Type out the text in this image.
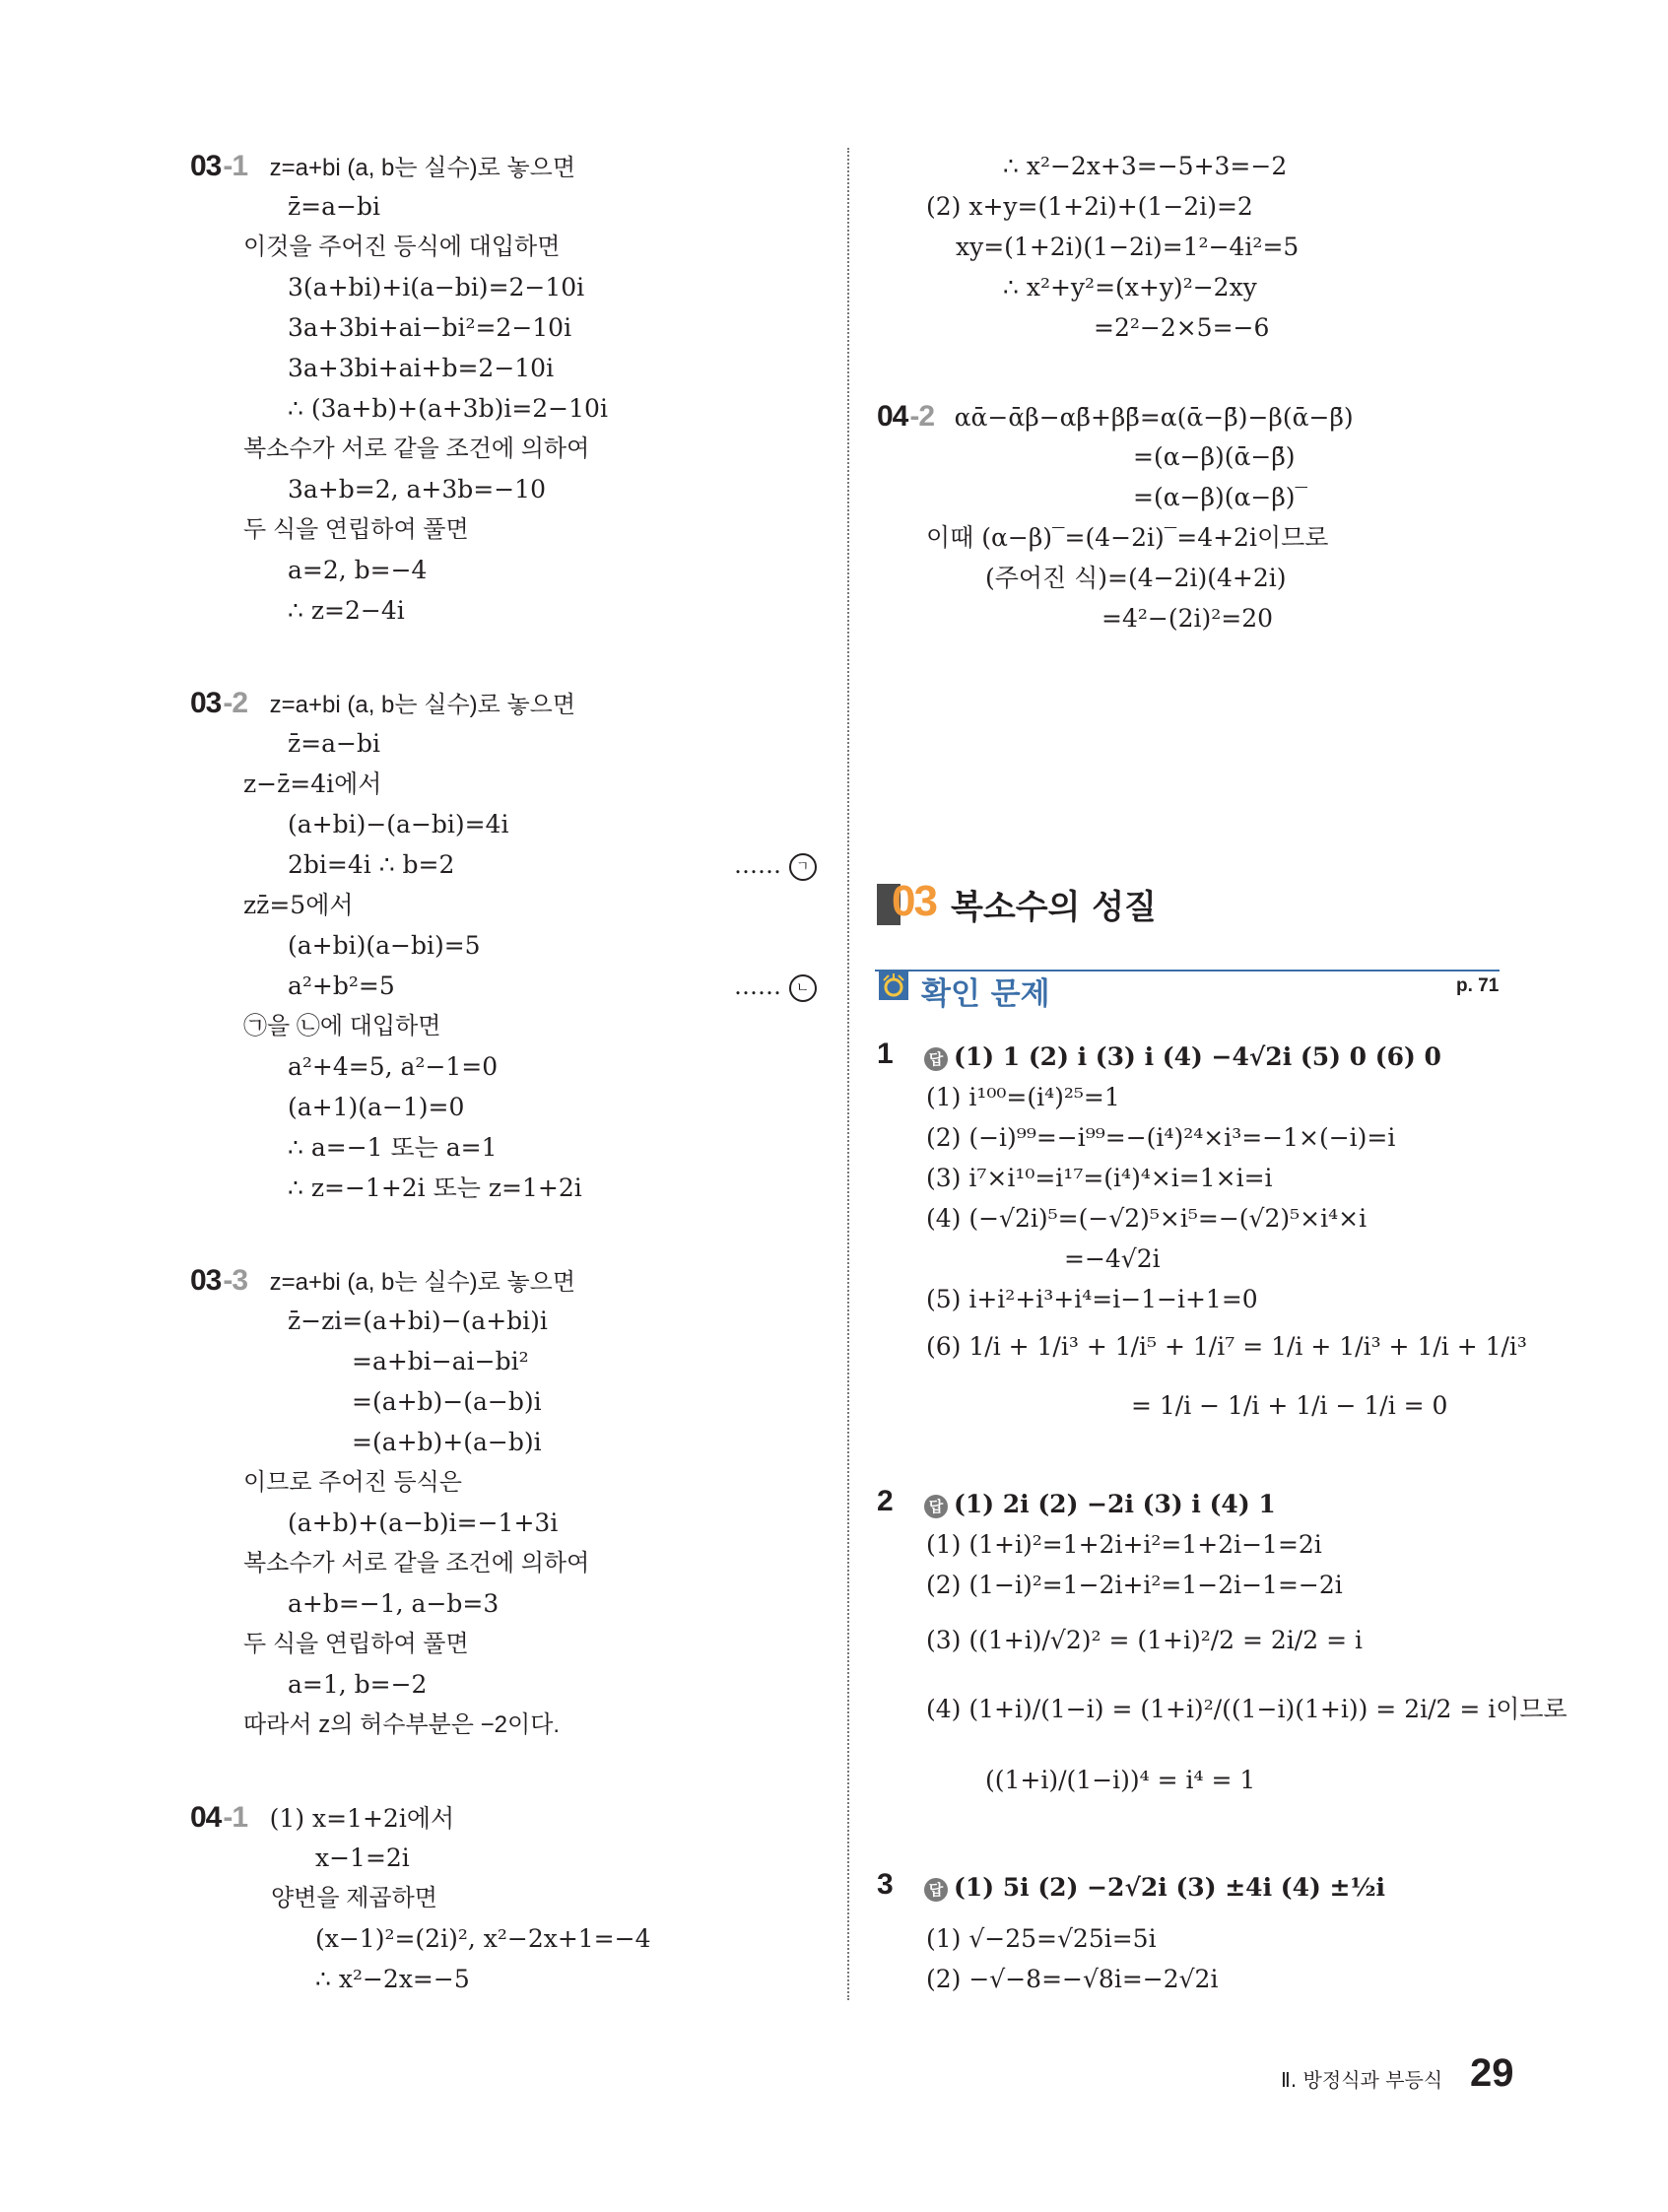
03-1 z=a+bi (a, b는 실수)로 놓으면
z̄=a−bi
이것을 주어진 등식에 대입하면
3(a+bi)+i(a−bi)=2−10i
3a+3bi+ai−bi²=2−10i
3a+3bi+ai+b=2−10i
∴ (3a+b)+(a+3b)i=2−10i
복소수가 서로 같을 조건에 의하여
3a+b=2, a+3b=−10
두 식을 연립하여 풀면
a=2, b=−4
∴ z=2−4i
03-2 z=a+bi (a, b는 실수)로 놓으면
z̄=a−bi
z−z̄=4i에서
(a+bi)−(a−bi)=4i
2bi=4i ∴ b=2	…… ㄱ
zz̄=5에서
(a+bi)(a−bi)=5
a²+b²=5	…… ㄴ
㉠을 ㉡에 대입하면
a²+4=5, a²−1=0
(a+1)(a−1)=0
∴ a=−1 또는 a=1
∴ z=−1+2i 또는 z=1+2i
03-3 z=a+bi (a, b는 실수)로 놓으면
z̄−zi=(a+bi)−(a+bi)i
=a+bi−ai−bi²
=(a+b)−(a−b)i
=(a+b)+(a−b)i
이므로 주어진 등식은
(a+b)+(a−b)i=−1+3i
복소수가 서로 같을 조건에 의하여
a+b=−1, a−b=3
두 식을 연립하여 풀면
a=1, b=−2
따라서 z의 허수부분은 −2이다.
04-1 (1) x=1+2i에서
x−1=2i
양변을 제곱하면
(x−1)²=(2i)², x²−2x+1=−4
∴ x²−2x=−5
∴ x²−2x+3=−5+3=−2
(2) x+y=(1+2i)+(1−2i)=2
xy=(1+2i)(1−2i)=1²−4i²=5
∴ x²+y²=(x+y)²−2xy
=2²−2×5=−6
04-2 αᾱ−ᾱβ−αβ̄+ββ̄=α(ᾱ−β̄)−β(ᾱ−β̄)
=(α−β)(ᾱ−β̄)
=(α−β)(α−β)‾
이때 (α−β)‾=(4−2i)‾=4+2i이므로
(주어진 식)=(4−2i)(4+2i)
=4²−(2i)²=20
03 복소수의 성질
확인 문제	p. 71
1	답 (1) 1 (2) i (3) i (4) −4√2i (5) 0 (6) 0
(1) i¹⁰⁰=(i⁴)²⁵=1
(2) (−i)⁹⁹=−i⁹⁹=−(i⁴)²⁴×i³=−1×(−i)=i
(3) i⁷×i¹⁰=i¹⁷=(i⁴)⁴×i=1×i=i
(4) (−√2i)⁵=(−√2)⁵×i⁵=−(√2)⁵×i⁴×i
=−4√2i
(5) i+i²+i³+i⁴=i−1−i+1=0
(6) 1/i + 1/i³ + 1/i⁵ + 1/i⁷ = 1/i + 1/i³ + 1/i + 1/i³
= 1/i − 1/i + 1/i − 1/i = 0
2	답 (1) 2i (2) −2i (3) i (4) 1
(1) (1+i)²=1+2i+i²=1+2i−1=2i
(2) (1−i)²=1−2i+i²=1−2i−1=−2i
(3) ((1+i)/√2)² = (1+i)²/2 = 2i/2 = i
(4) (1+i)/(1−i) = (1+i)²/((1−i)(1+i)) = 2i/2 = i이므로
((1+i)/(1−i))⁴ = i⁴ = 1
3	답 (1) 5i (2) −2√2i (3) ±4i (4) ±½i
(1) √−25=√25i=5i
(2) −√−8=−√8i=−2√2i
Ⅱ. 방정식과 부등식 29
